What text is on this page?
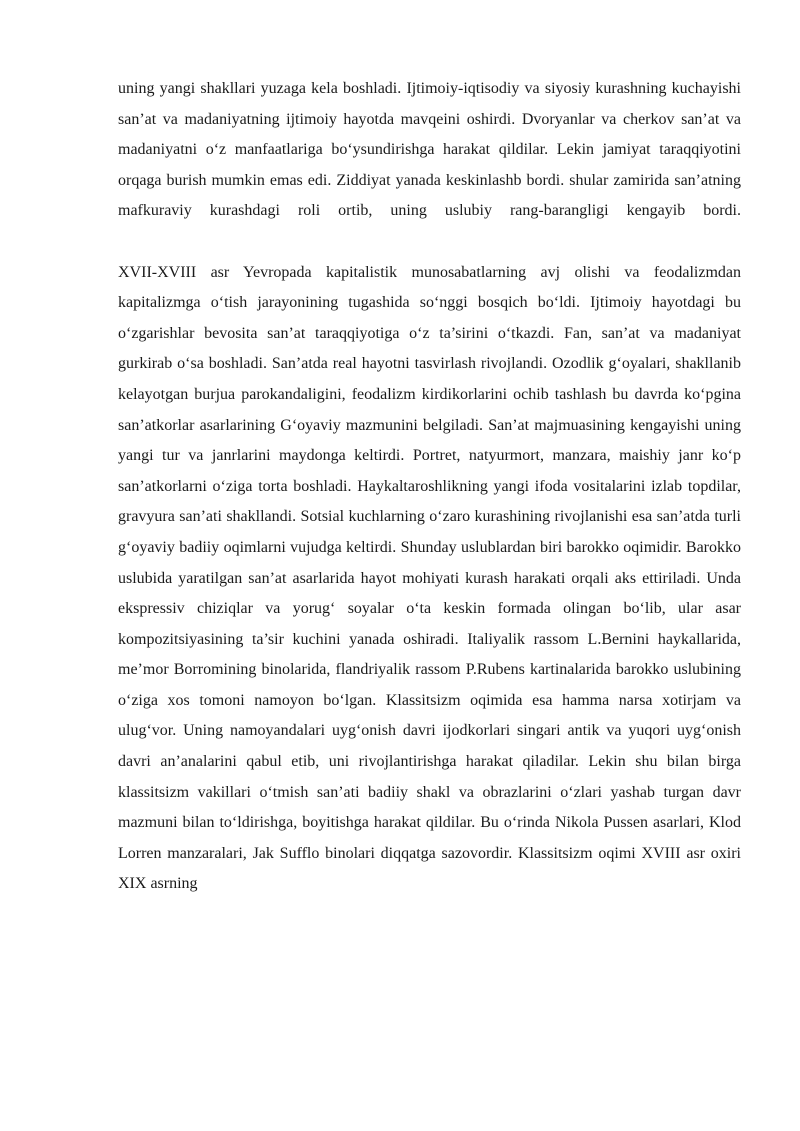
uning yangi shakllari yuzaga kela boshladi. Ijtimoiy-iqtisodiy va siyosiy kurashning kuchayishi san’at va madaniyatning ijtimoiy hayotda mavqeini oshirdi. Dvoryanlar va cherkov san’at va madaniyatni o‘z manfaatlariga bo‘ysundirishga harakat qildilar. Lekin jamiyat taraqqiyotini orqaga burish mumkin emas edi. Ziddiyat yanada keskinlashb bordi. shular zamirida san’atning mafkuraviy kurashdagi roli ortib, uning uslubiy rang-barangligi kengayib bordi.

XVII-XVIII asr Yevropada kapitalistik munosabatlarning avj olishi va feodalizmdan kapitalizmga o‘tish jarayonining tugashida so‘nggi bosqich bo‘ldi. Ijtimoiy hayotdagi bu o‘zgarishlar bevosita san’at taraqqiyotiga o‘z ta’sirini o‘tkazdi. Fan, san’at va madaniyat gurkirab o‘sa boshladi. San’atda real hayotni tasvirlash rivojlandi. Ozodlik g‘oyalari, shakllanib kelayotgan burjua parokandaligini, feodalizm kirdikorlarini ochib tashlash bu davrda ko‘pgina san’atkorlar asarlarining G‘oyaviy mazmunini belgiladi. San’at majmuasining kengayishi uning yangi tur va janrlarini maydonga keltirdi. Portret, natyurmort, manzara, maishiy janr ko‘p san’atkorlarni o‘ziga torta boshladi. Haykaltaroshlikning yangi ifoda vositalarini izlab topdilar, gravyura san’ati shakllandi. Sotsial kuchlarning o‘zaro kurashining rivojlanishi esa san’atda turli g‘oyaviy badiiy oqimlarni vujudga keltirdi. Shunday uslublardan biri barokko oqimidir. Barokko uslubida yaratilgan san’at asarlarida hayot mohiyati kurash harakati orqali aks ettiriladi. Unda ekspressiv chiziqlar va yorug‘ soyalar o‘ta keskin formada olingan bo‘lib, ular asar kompozitsiyasining ta’sir kuchini yanada oshiradi. Italiyalik rassom L.Bernini haykallarida, me’mor Borromining binolarida, flandriyalik rassom P.Rubens kartinalarida barokko uslubining o‘ziga xos tomoni namoyon bo‘lgan. Klassitsizm oqimida esa hamma narsa xotirjam va ulug‘vor. Uning namoyandalari uyg‘onish davri ijodkorlari singari antik va yuqori uyg‘onish davri an’analarini qabul etib, uni rivojlantirishga harakat qiladilar. Lekin shu bilan birga klassitsizm vakillari o‘tmish san’ati badiiy shakl va obrazlarini o‘zlari yashab turgan davr mazmuni bilan to‘ldirishga, boyitishga harakat qildilar. Bu o‘rinda Nikola Pussen asarlari, Klod Lorren manzaralari, Jak Sufflo binolari diqqatga sazovordir. Klassitsizm oqimi XVIII asr oxiri XIX asrning
